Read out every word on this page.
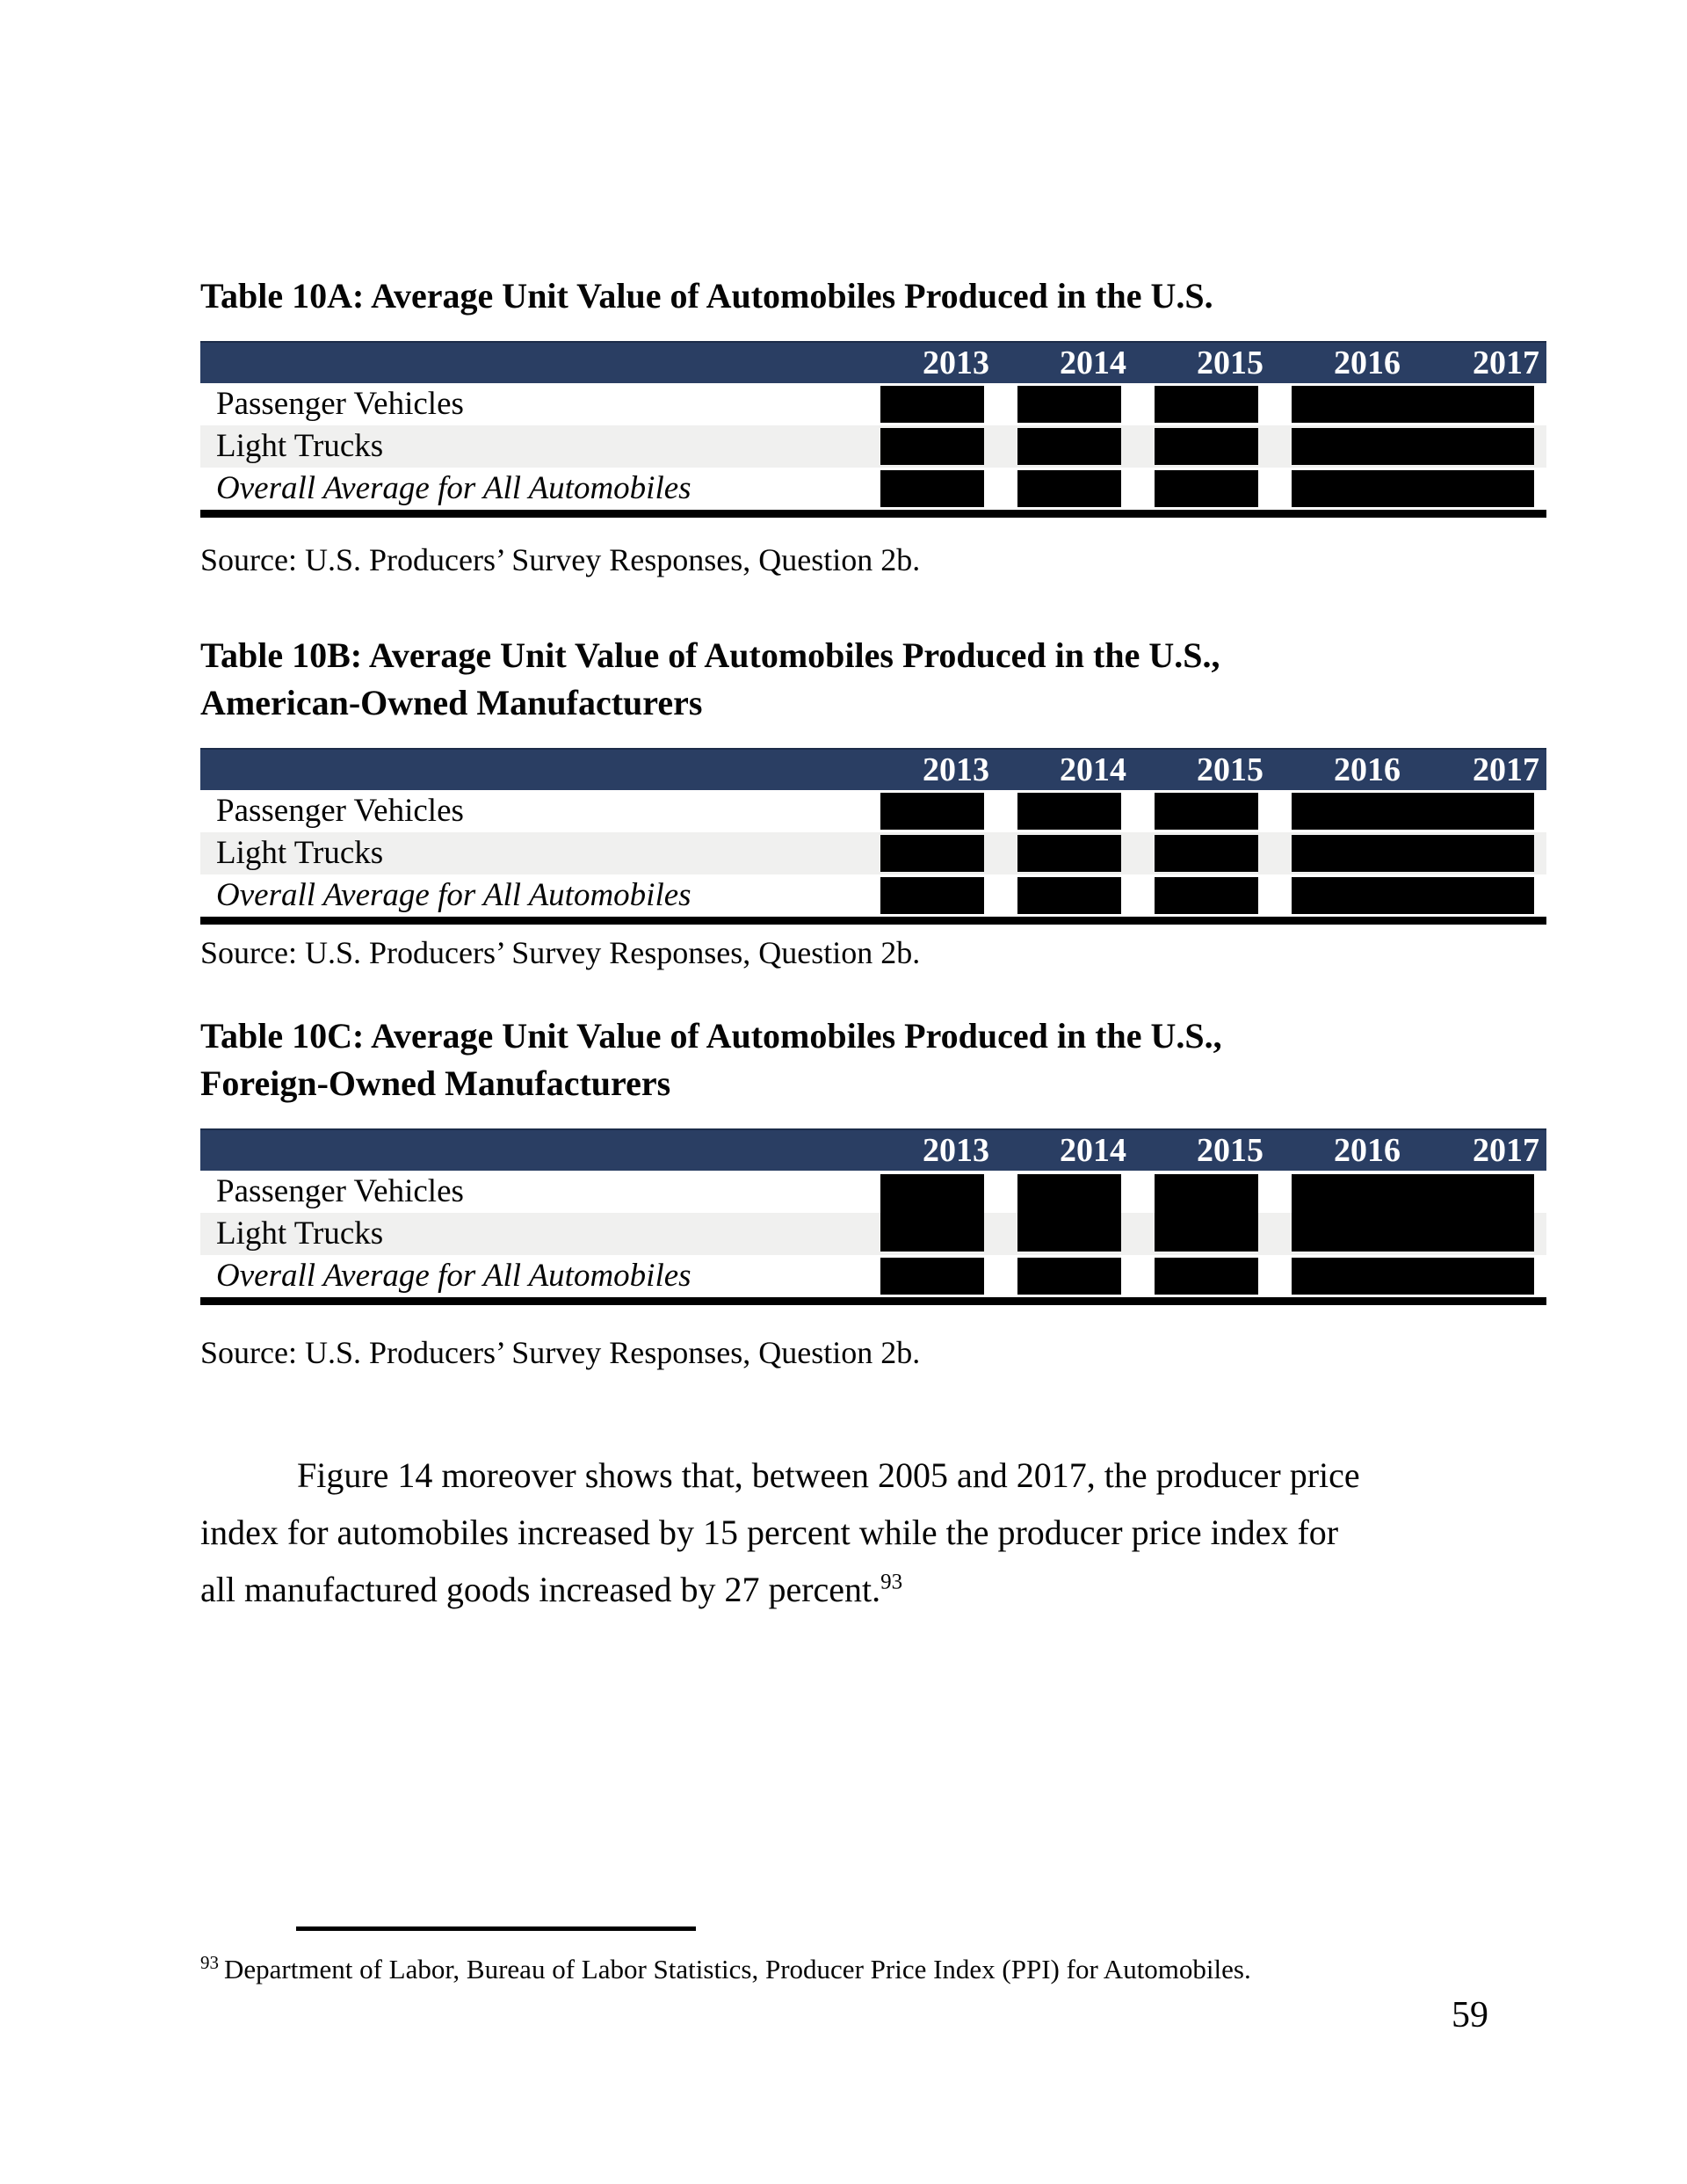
Table 10A: Average Unit Value of Automobiles Produced in the U.S.
2013	2014	2015	2016	2017
Passenger Vehicles
Light Trucks
Overall Average for All Automobiles

Source: U.S. Producers’ Survey Responses, Question 2b.

Table 10B: Average Unit Value of Automobiles Produced in the U.S.,
American-Owned Manufacturers
2013	2014	2015	2016	2017
Passenger Vehicles
Light Trucks
Overall Average for All Automobiles

Source: U.S. Producers’ Survey Responses, Question 2b.

Table 10C: Average Unit Value of Automobiles Produced in the U.S.,
Foreign-Owned Manufacturers
2013	2014	2015	2016	2017
Passenger Vehicles
Light Trucks
Overall Average for All Automobiles

Source: U.S. Producers’ Survey Responses, Question 2b.

Figure 14 moreover shows that, between 2005 and 2017, the producer price
index for automobiles increased by 15 percent while the producer price index for
all manufactured goods increased by 27 percent.$^{93}$
$^{93}$ Department of Labor, Bureau of Labor Statistics, Producer Price Index (PPI) for Automobiles.
59
